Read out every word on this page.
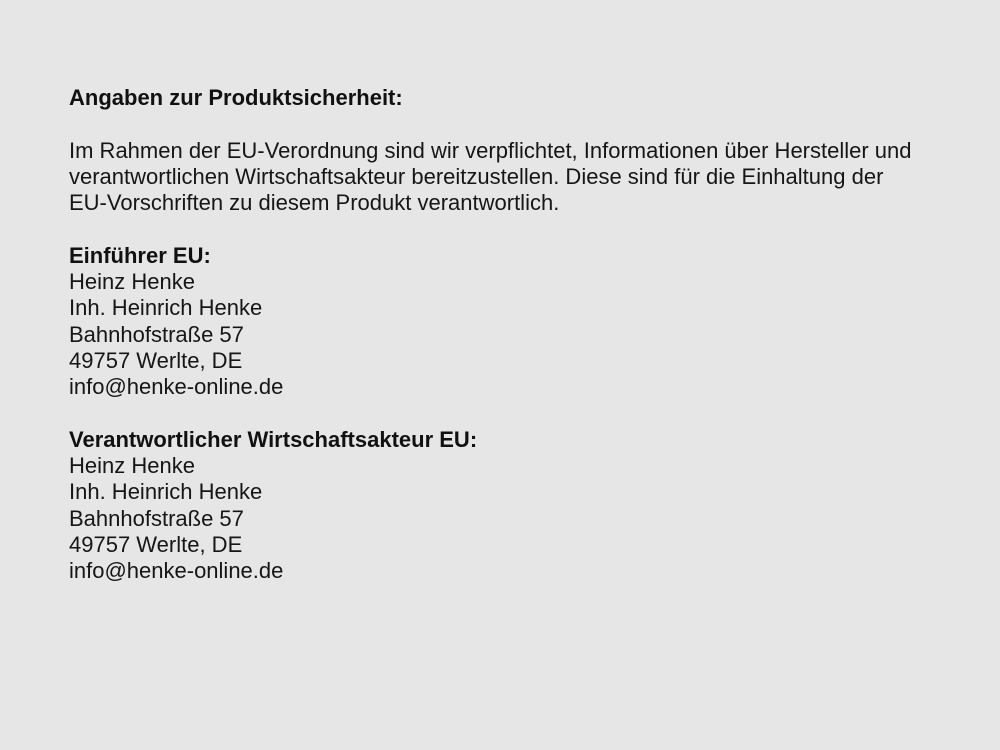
Angaben zur Produktsicherheit:
Im Rahmen der EU-Verordnung sind wir verpflichtet, Informationen über Hersteller und
verantwortlichen Wirtschaftsakteur bereitzustellen. Diese sind für die Einhaltung der
EU-Vorschriften zu diesem Produkt verantwortlich.
Einführer EU:
Heinz Henke
Inh. Heinrich Henke
Bahnhofstraße 57
49757 Werlte, DE
info@henke-online.de
Verantwortlicher Wirtschaftsakteur EU:
Heinz Henke
Inh. Heinrich Henke
Bahnhofstraße 57
49757 Werlte, DE
info@henke-online.de
